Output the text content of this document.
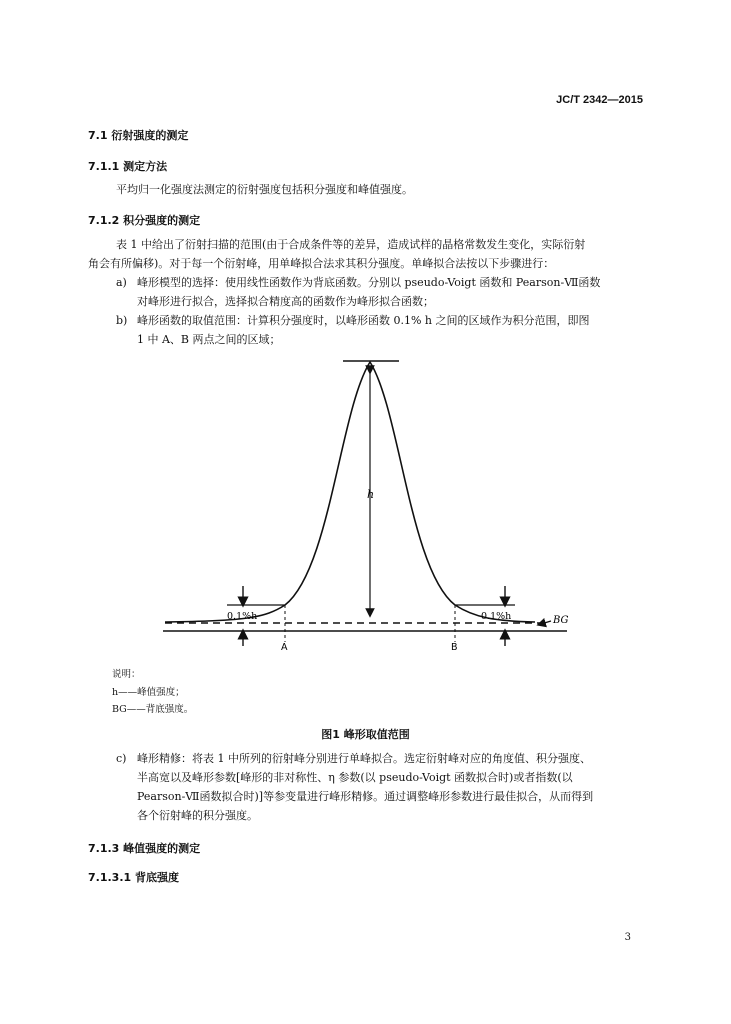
JC/T 2342—2015
7.1 衍射强度的测定
7.1.1 测定方法
平均归一化强度法测定的衍射强度包括积分强度和峰值强度。
7.1.2 积分强度的测定
表 1 中给出了衍射扫描的范围(由于合成条件等的差异，造成试样的晶格常数发生变化，实际衍射
角会有所偏移)。对于每一个衍射峰，用单峰拟合法求其积分强度。单峰拟合法按以下步骤进行：
a) 峰形模型的选择：使用线性函数作为背底函数。分别以 pseudo-Voigt 函数和 Pearson-Ⅶ函数
对峰形进行拟合，选择拟合精度高的函数作为峰形拟合函数；
b) 峰形函数的取值范围：计算积分强度时，以峰形函数 0.1% h 之间的区域作为积分范围，即图
1 中 A、B 两点之间的区域；
h
0.1%h	0.1%h
A	B
BG
说明：
h——峰值强度；
BG——背底强度。
图1 峰形取值范围
c) 峰形精修：将表 1 中所列的衍射峰分别进行单峰拟合。选定衍射峰对应的角度值、积分强度、
半高宽以及峰形参数[峰形的非对称性、η 参数(以 pseudo-Voigt 函数拟合时)或者指数(以
Pearson-Ⅶ函数拟合时)]等参变量进行峰形精修。通过调整峰形参数进行最佳拟合，从而得到
各个衍射峰的积分强度。
7.1.3 峰值强度的测定
7.1.3.1 背底强度
3
